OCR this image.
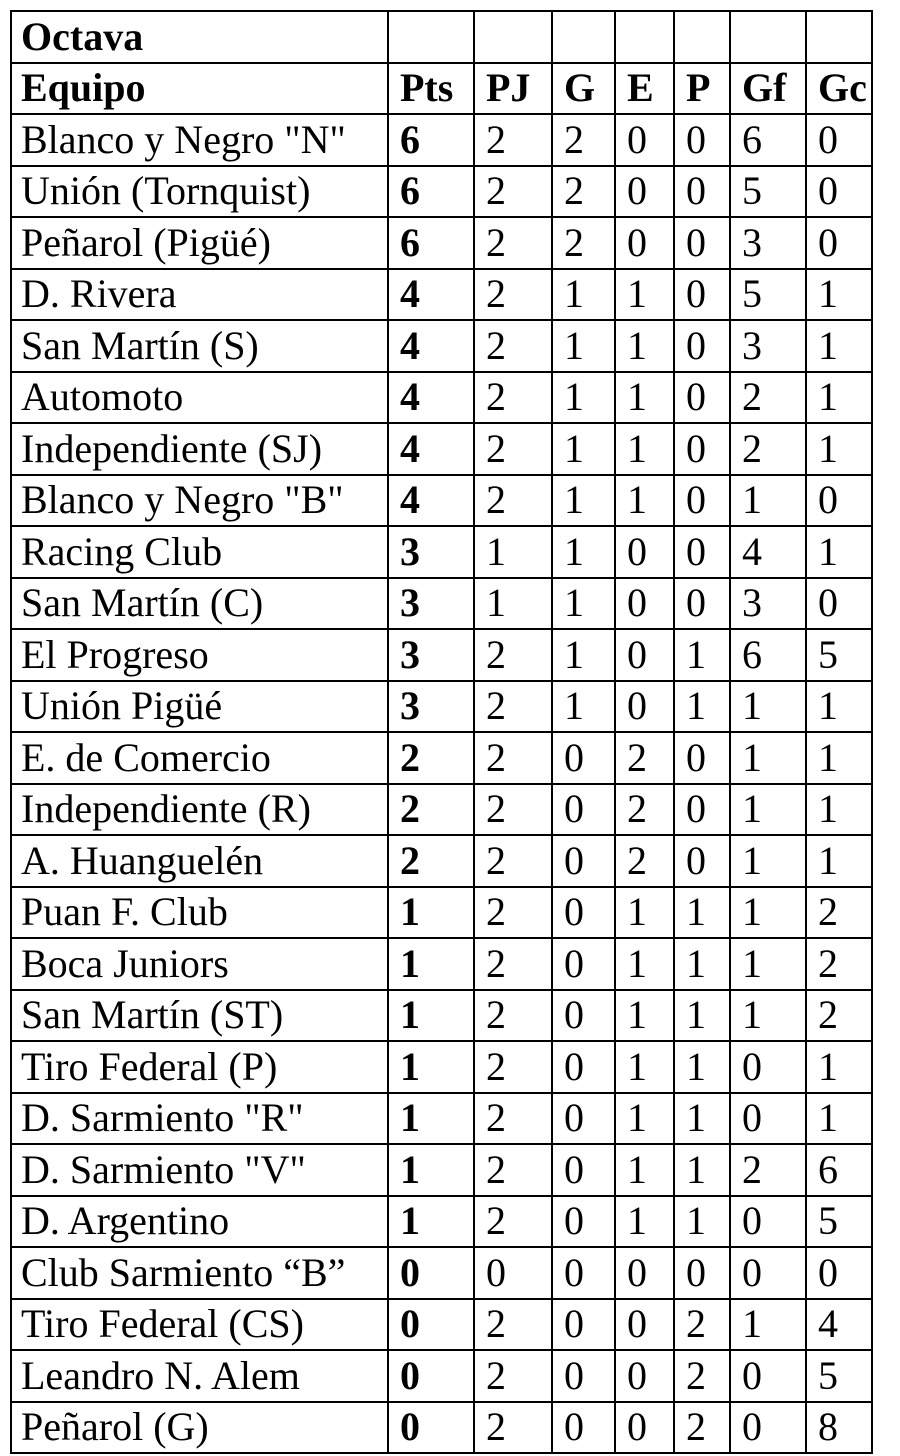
Octava							
Equipo	Pts	PJ	G	E	P	Gf	Gc
Blanco y Negro "N"	6	2	2	0	0	6	0
Unión (Tornquist)	6	2	2	0	0	5	0
Peñarol (Pigüé)	6	2	2	0	0	3	0
D. Rivera	4	2	1	1	0	5	1
San Martín (S)	4	2	1	1	0	3	1
Automoto	4	2	1	1	0	2	1
Independiente (SJ)	4	2	1	1	0	2	1
Blanco y Negro "B"	4	2	1	1	0	1	0
Racing Club	3	1	1	0	0	4	1
San Martín (C)	3	1	1	0	0	3	0
El Progreso	3	2	1	0	1	6	5
Unión Pigüé	3	2	1	0	1	1	1
E. de Comercio	2	2	0	2	0	1	1
Independiente (R)	2	2	0	2	0	1	1
A. Huanguelén	2	2	0	2	0	1	1
Puan F. Club	1	2	0	1	1	1	2
Boca Juniors	1	2	0	1	1	1	2
San Martín (ST)	1	2	0	1	1	1	2
Tiro Federal (P)	1	2	0	1	1	0	1
D. Sarmiento "R"	1	2	0	1	1	0	1
D. Sarmiento "V"	1	2	0	1	1	2	6
D. Argentino	1	2	0	1	1	0	5
Club Sarmiento “B”	0	0	0	0	0	0	0
Tiro Federal (CS)	0	2	0	0	2	1	4
Leandro N. Alem	0	2	0	0	2	0	5
Peñarol (G)	0	2	0	0	2	0	8
